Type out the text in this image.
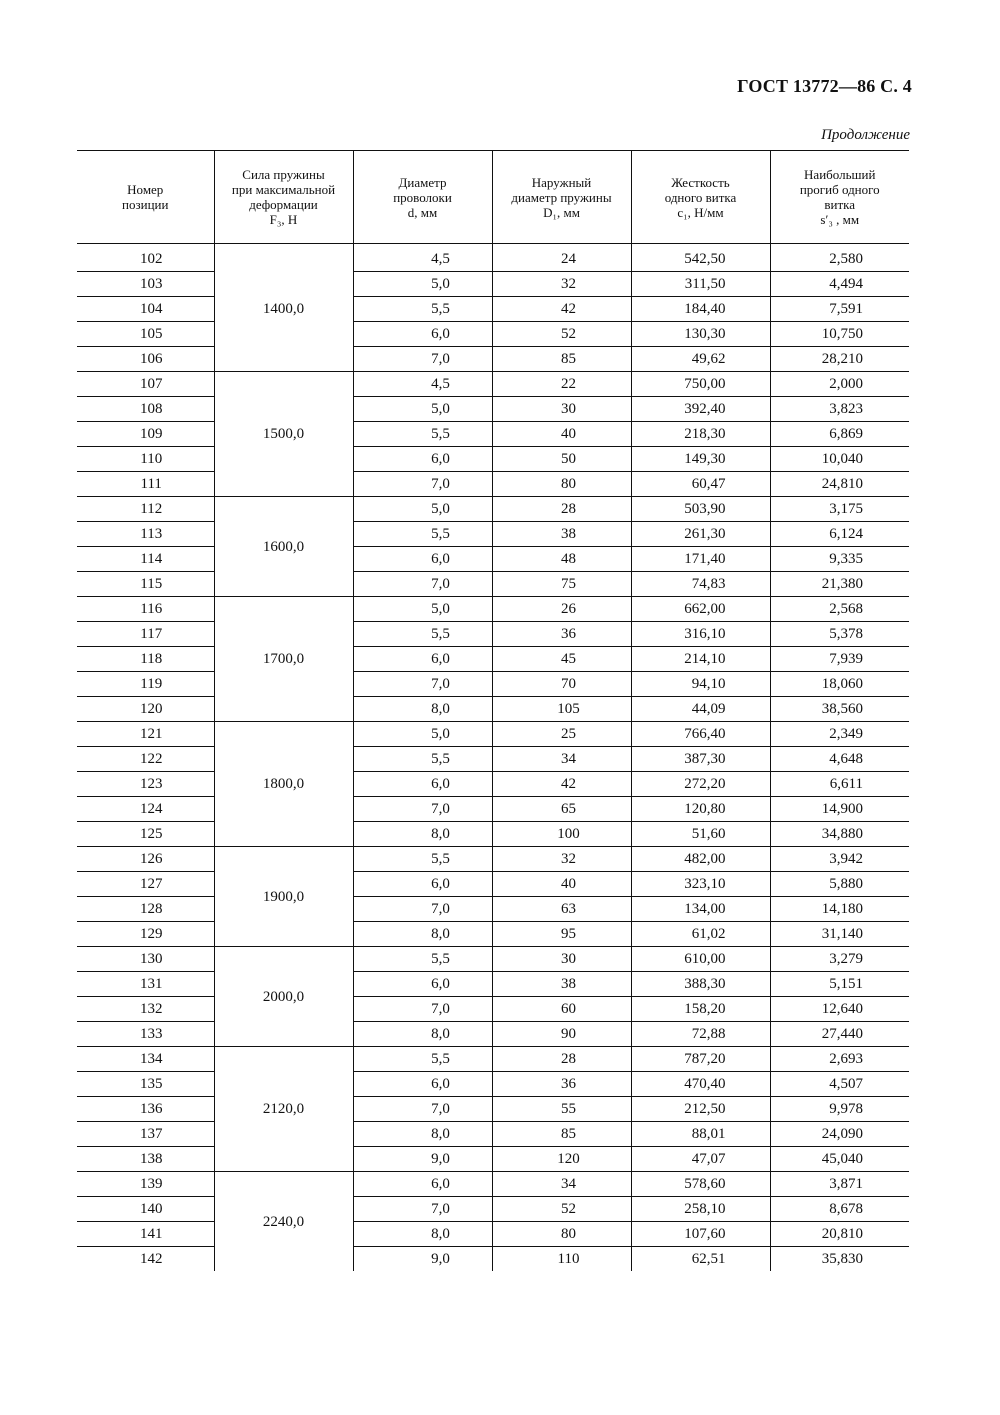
ГОСТ 13772—86 С. 4
Продолжение
Номер
позиции	Сила пружины
при максимальной
деформации
F₃, Н	Диаметр
проволоки
d, мм	Наружный
диаметр пружины
D₁, мм	Жесткость
одного витка
c₁, Н/мм	Наибольший
прогиб одного
витка
s′₃ , мм

102	1400,0	4,5	24	542,50	2,580
103		5,0	32	311,50	4,494
104		5,5	42	184,40	7,591
105		6,0	52	130,30	10,750
106		7,0	85	49,62	28,210
107	1500,0	4,5	22	750,00	2,000
108		5,0	30	392,40	3,823
109		5,5	40	218,30	6,869
110		6,0	50	149,30	10,040
111		7,0	80	60,47	24,810
112	1600,0	5,0	28	503,90	3,175
113		5,5	38	261,30	6,124
114		6,0	48	171,40	9,335
115		7,0	75	74,83	21,380
116	1700,0	5,0	26	662,00	2,568
117		5,5	36	316,10	5,378
118		6,0	45	214,10	7,939
119		7,0	70	94,10	18,060
120		8,0	105	44,09	38,560
121	1800,0	5,0	25	766,40	2,349
122		5,5	34	387,30	4,648
123		6,0	42	272,20	6,611
124		7,0	65	120,80	14,900
125		8,0	100	51,60	34,880
126	1900,0	5,5	32	482,00	3,942
127		6,0	40	323,10	5,880
128		7,0	63	134,00	14,180
129		8,0	95	61,02	31,140
130	2000,0	5,5	30	610,00	3,279
131		6,0	38	388,30	5,151
132		7,0	60	158,20	12,640
133		8,0	90	72,88	27,440
134	2120,0	5,5	28	787,20	2,693
135		6,0	36	470,40	4,507
136		7,0	55	212,50	9,978
137		8,0	85	88,01	24,090
138		9,0	120	47,07	45,040
139	2240,0	6,0	34	578,60	3,871
140		7,0	52	258,10	8,678
141		8,0	80	107,60	20,810
142		9,0	110	62,51	35,830
